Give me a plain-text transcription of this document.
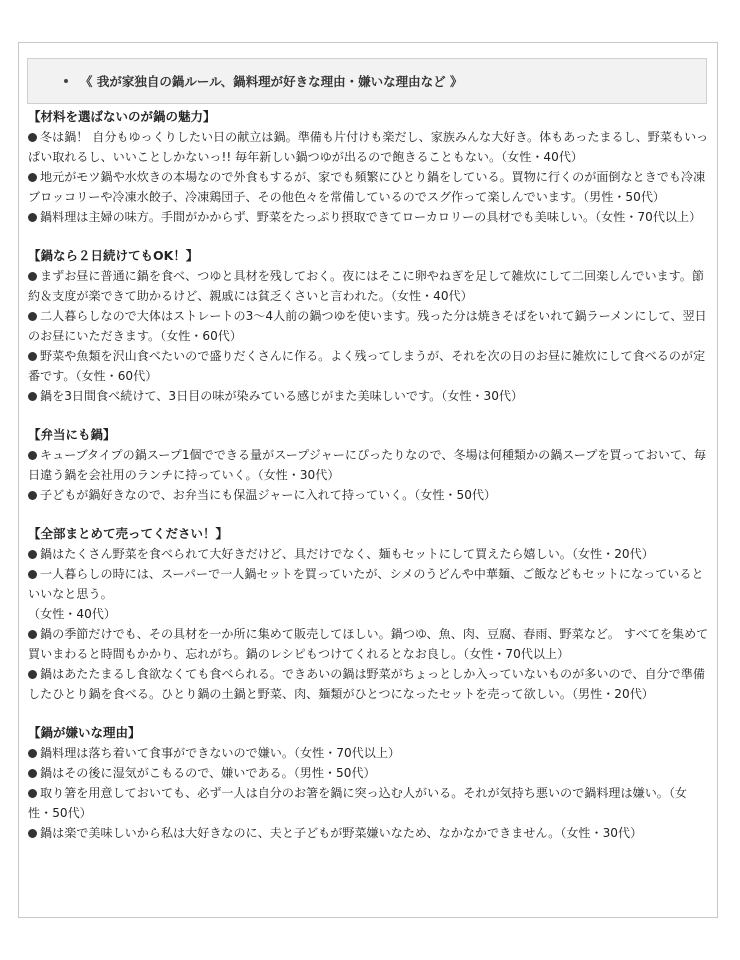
《 我が家独自の鍋ルール、鍋料理が好きな理由・嫌いな理由など 》
【材料を選ばないのが鍋の魅力】

冬は鍋！ 自分もゆっくりしたい日の献立は鍋。準備も片付けも楽だし、家族みんな大好き。体もあったまるし、野菜もいっぱい取れるし、いいことしかないっ!! 毎年新しい鍋つゆが出るので飽きることもない。（女性・40代）

地元がモツ鍋や水炊きの本場なので外食もするが、家でも頻繁にひとり鍋をしている。買物に行くのが面倒なときでも冷凍ブロッコリーや冷凍水餃子、冷凍鶏団子、その他色々を常備しているのでスグ作って楽しんでいます。（男性・50代）

鍋料理は主婦の味方。手間がかからず、野菜をたっぷり摂取できてローカロリーの具材でも美味しい。（女性・70代以上）

【鍋なら２日続けてもOK！】

まずお昼に普通に鍋を食べ、つゆと具材を残しておく。夜にはそこに卵やねぎを足して雑炊にして二回楽しんでいます。節約＆支度が楽できて助かるけど、親戚には貧乏くさいと言われた。（女性・40代）

二人暮らしなので大体はストレートの3〜4人前の鍋つゆを使います。残った分は焼きそばをいれて鍋ラーメンにして、翌日のお昼にいただきます。（女性・60代）

野菜や魚類を沢山食べたいので盛りだくさんに作る。よく残ってしまうが、それを次の日のお昼に雑炊にして食べるのが定番です。（女性・60代）

鍋を3日間食べ続けて、3日目の味が染みている感じがまた美味しいです。（女性・30代）

【弁当にも鍋】

キューブタイプの鍋スープ1個でできる量がスープジャーにぴったりなので、冬場は何種類かの鍋スープを買っておいて、毎日違う鍋を会社用のランチに持っていく。（女性・30代）

子どもが鍋好きなので、お弁当にも保温ジャーに入れて持っていく。（女性・50代）

【全部まとめて売ってください！】

鍋はたくさん野菜を食べられて大好きだけど、具だけでなく、麺もセットにして買えたら嬉しい。（女性・20代）

一人暮らしの時には、スーパーで一人鍋セットを買っていたが、シメのうどんや中華麺、ご飯などもセットになっているといいなと思う。

（女性・40代）

鍋の季節だけでも、その具材を一か所に集めて販売してほしい。鍋つゆ、魚、肉、豆腐、春雨、野菜など。 すべてを集めて買いまわると時間もかかり、忘れがち。鍋のレシピもつけてくれるとなお良し。（女性・70代以上）

鍋はあたたまるし食欲なくても食べられる。できあいの鍋は野菜がちょっとしか入っていないものが多いので、自分で準備したひとり鍋を食べる。ひとり鍋の土鍋と野菜、肉、麺類がひとつになったセットを売って欲しい。（男性・20代）

【鍋が嫌いな理由】

鍋料理は落ち着いて食事ができないので嫌い。（女性・70代以上）

鍋はその後に湿気がこもるので、嫌いである。（男性・50代）

取り箸を用意しておいても、必ず一人は自分のお箸を鍋に突っ込む人がいる。それが気持ち悪いので鍋料理は嫌い。（女性・50代）

鍋は楽で美味しいから私は大好きなのに、夫と子どもが野菜嫌いなため、なかなかできません。（女性・30代）
